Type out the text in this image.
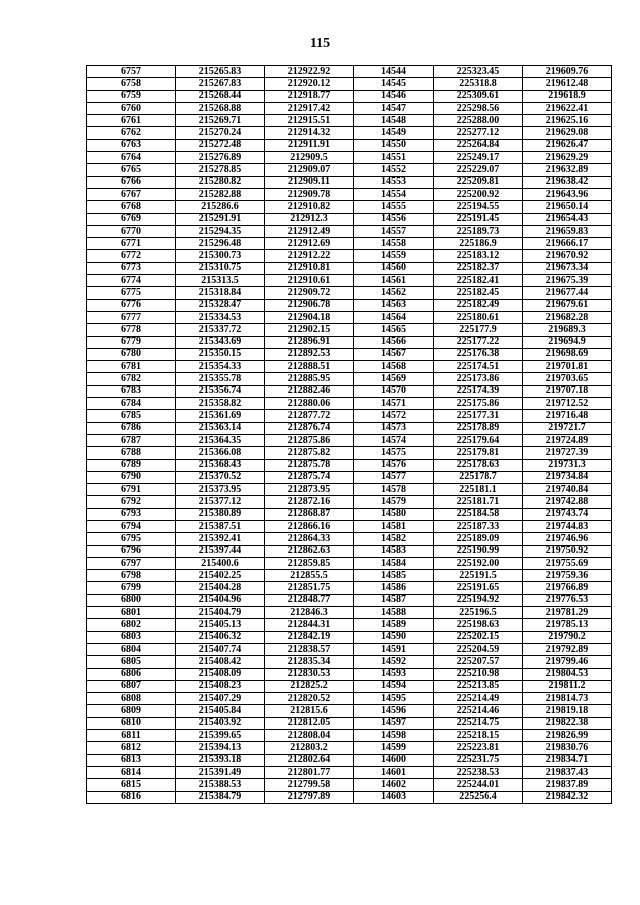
115
6757	215265.83	212922.92	14544	225323.45	219609.76
6758	215267.83	212920.12	14545	225318.8	219612.48
6759	215268.44	212918.77	14546	225309.61	219618.9
6760	215268.88	212917.42	14547	225298.56	219622.41
6761	215269.71	212915.51	14548	225288.00	219625.16
6762	215270.24	212914.32	14549	225277.12	219629.08
6763	215272.48	212911.91	14550	225264.84	219626.47
6764	215276.89	212909.5	14551	225249.17	219629.29
6765	215278.85	212909.07	14552	225229.07	219632.89
6766	215280.82	212909.11	14553	225209.81	219638.42
6767	215282.88	212909.78	14554	225200.92	219643.96
6768	215286.6	212910.82	14555	225194.55	219650.14
6769	215291.91	212912.3	14556	225191.45	219654.43
6770	215294.35	212912.49	14557	225189.73	219659.83
6771	215296.48	212912.69	14558	225186.9	219666.17
6772	215300.73	212912.22	14559	225183.12	219670.92
6773	215310.75	212910.81	14560	225182.37	219673.34
6774	215313.5	212910.61	14561	225182.41	219675.39
6775	215318.84	212909.72	14562	225182.45	219677.44
6776	215328.47	212906.78	14563	225182.49	219679.61
6777	215334.53	212904.18	14564	225180.61	219682.28
6778	215337.72	212902.15	14565	225177.9	219689.3
6779	215343.69	212896.91	14566	225177.22	219694.9
6780	215350.15	212892.53	14567	225176.38	219698.69
6781	215354.33	212888.51	14568	225174.51	219701.81
6782	215355.78	212885.95	14569	225173.86	219703.65
6783	215356.74	212882.46	14570	225174.39	219707.18
6784	215358.82	212880.06	14571	225175.86	219712.52
6785	215361.69	212877.72	14572	225177.31	219716.48
6786	215363.14	212876.74	14573	225178.89	219721.7
6787	215364.35	212875.86	14574	225179.64	219724.89
6788	215366.08	212875.82	14575	225179.81	219727.39
6789	215368.43	212875.78	14576	225178.63	219731.3
6790	215370.52	212875.74	14577	225178.7	219734.84
6791	215373.95	212873.95	14578	225181.1	219740.84
6792	215377.12	212872.16	14579	225181.71	219742.88
6793	215380.89	212868.87	14580	225184.58	219743.74
6794	215387.51	212866.16	14581	225187.33	219744.83
6795	215392.41	212864.33	14582	225189.09	219746.96
6796	215397.44	212862.63	14583	225190.99	219750.92
6797	215400.6	212859.85	14584	225192.00	219755.69
6798	215402.25	212855.5	14585	225191.5	219759.36
6799	215404.28	212851.75	14586	225191.65	219766.89
6800	215404.96	212848.77	14587	225194.92	219776.53
6801	215404.79	212846.3	14588	225196.5	219781.29
6802	215405.13	212844.31	14589	225198.63	219785.13
6803	215406.32	212842.19	14590	225202.15	219790.2
6804	215407.74	212838.57	14591	225204.59	219792.89
6805	215408.42	212835.34	14592	225207.57	219799.46
6806	215408.09	212830.53	14593	225210.98	219804.53
6807	215408.23	212825.2	14594	225213.85	219811.2
6808	215407.29	212820.52	14595	225214.49	219814.73
6809	215405.84	212815.6	14596	225214.46	219819.18
6810	215403.92	212812.05	14597	225214.75	219822.38
6811	215399.65	212808.04	14598	225218.15	219826.99
6812	215394.13	212803.2	14599	225223.81	219830.76
6813	215393.18	212802.64	14600	225231.75	219834.71
6814	215391.49	212801.77	14601	225238.53	219837.43
6815	215388.53	212799.58	14602	225244.01	219837.89
6816	215384.79	212797.89	14603	225256.4	219842.32
